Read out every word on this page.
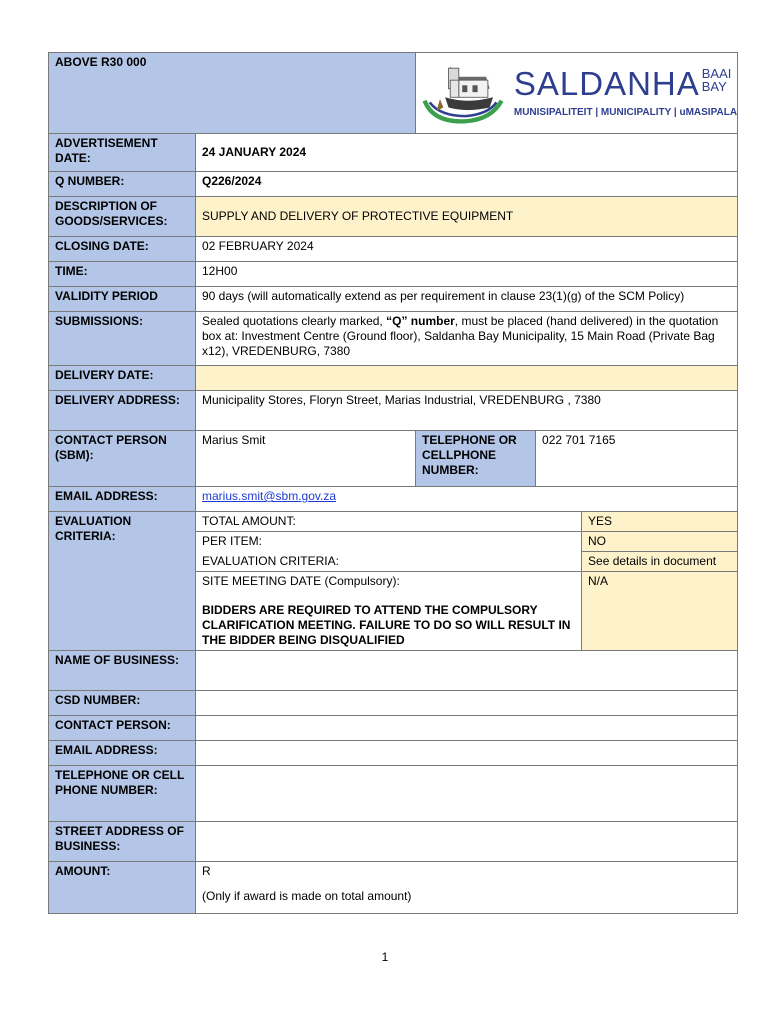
ABOVE R30 000		SALDANHA BAAI
BAY
MUNISIPALITEIT | MUNICIPALITY | uMASIPALA		

ADVERTISEMENT DATE:	24 JANUARY 2024			
Q NUMBER:	Q226/2024			
DESCRIPTION OF GOODS/SERVICES:	SUPPLY AND DELIVERY OF PROTECTIVE EQUIPMENT			
CLOSING DATE:	02 FEBRUARY 2024			
TIME:	12H00			
VALIDITY PERIOD	90 days (will automatically extend as per requirement in clause 23(1)(g) of the SCM Policy)			
SUBMISSIONS:	Sealed quotations clearly marked, “Q” number, must be placed (hand delivered) in the quotation box at: Investment Centre (Ground floor), Saldanha Bay Municipality, 15 Main Road (Private Bag x12), VREDENBURG, 7380			
DELIVERY DATE:				
DELIVERY ADDRESS:	Municipality Stores, Floryn Street, Marias Industrial, VREDENBURG , 7380			
CONTACT PERSON (SBM):	Marius Smit	TELEPHONE OR CELLPHONE NUMBER:	022 701 7165	
EMAIL ADDRESS:	marius.smit@sbm.gov.za			
EVALUATION CRITERIA:	TOTAL AMOUNT:			YES
	PER ITEM:			NO
	EVALUATION CRITERIA:			See details in document
	SITE MEETING DATE (Compulsory):			N/A
	BIDDERS ARE REQUIRED TO ATTEND THE COMPULSORY CLARIFICATION MEETING. FAILURE TO DO SO WILL RESULT IN THE BIDDER BEING DISQUALIFIED			
NAME OF BUSINESS:				
CSD NUMBER:				
CONTACT PERSON:				
EMAIL ADDRESS:				
TELEPHONE OR CELL PHONE NUMBER:				
STREET ADDRESS OF BUSINESS:				
AMOUNT:	R
(Only if award is made on total amount)			
1
